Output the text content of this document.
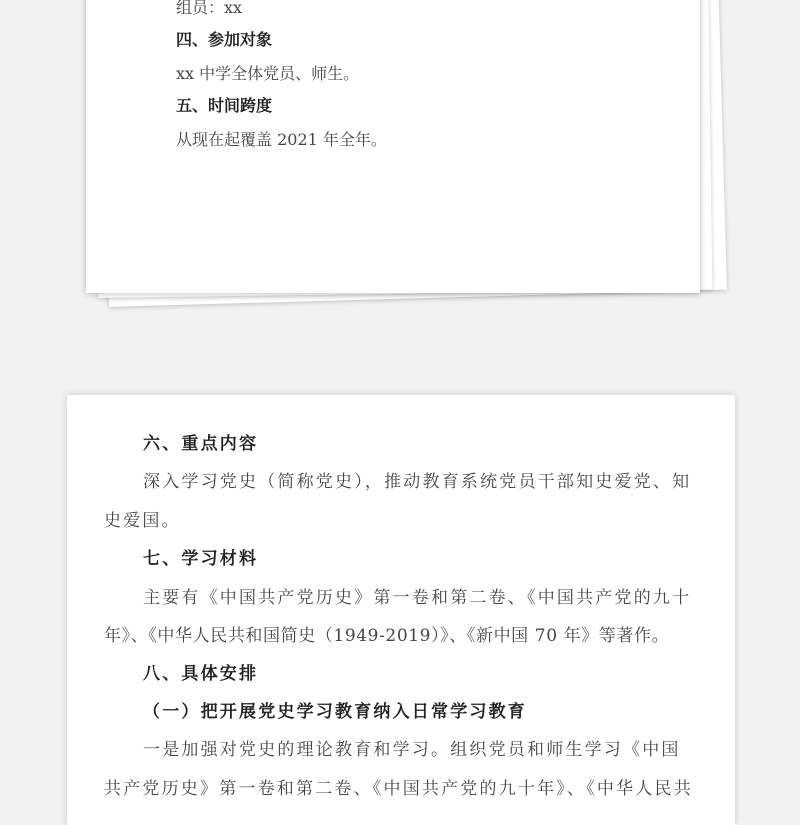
组员：xx
四、参加对象
xx 中学全体党员、师生。
五、时间跨度
从现在起覆盖 2021 年全年。
六、重点内容
深入学习党史（简称党史），推动教育系统党员干部知史爱党、知
史爱国。
七、学习材料
主要有《中国共产党历史》第一卷和第二卷、《中国共产党的九十
年》、《中华人民共和国简史（1949-2019）》、《新中国 70 年》等著作。
八、具体安排
（一）把开展党史学习教育纳入日常学习教育
一是加强对党史的理论教育和学习。组织党员和师生学习《中国
共产党历史》第一卷和第二卷、《中国共产党的九十年》、《中华人民共
